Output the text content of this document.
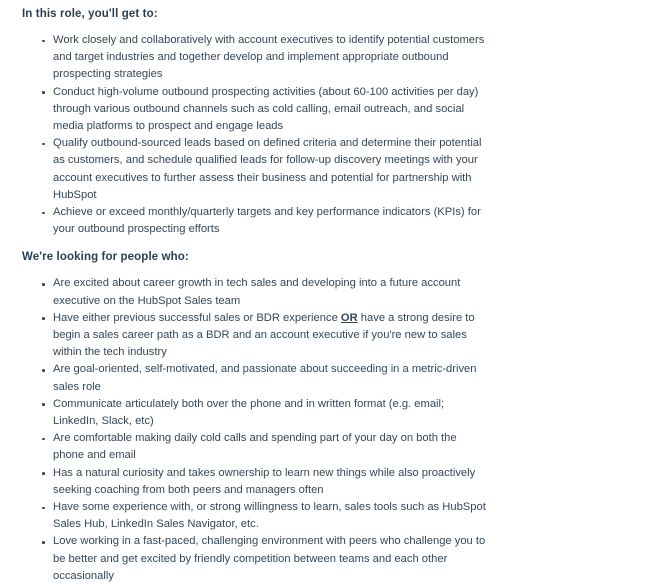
In this role, you'll get to:
Work closely and collaboratively with account executives to identify potential customers and target industries and together develop and implement appropriate outbound prospecting strategies
Conduct high-volume outbound prospecting activities (about 60-100 activities per day) through various outbound channels such as cold calling, email outreach, and social media platforms to prospect and engage leads
Qualify outbound-sourced leads based on defined criteria and determine their potential as customers, and schedule qualified leads for follow-up discovery meetings with your account executives to further assess their business and potential for partnership with HubSpot
Achieve or exceed monthly/quarterly targets and key performance indicators (KPIs) for your outbound prospecting efforts
We're looking for people who:
Are excited about career growth in tech sales and developing into a future account executive on the HubSpot Sales team
Have either previous successful sales or BDR experience OR have a strong desire to begin a sales career path as a BDR and an account executive if you're new to sales within the tech industry
Are goal-oriented, self-motivated, and passionate about succeeding in a metric-driven sales role
Communicate articulately both over the phone and in written format (e.g. email; LinkedIn, Slack, etc)
Are comfortable making daily cold calls and spending part of your day on both the phone and email
Has a natural curiosity and takes ownership to learn new things while also proactively seeking coaching from both peers and managers often
Have some experience with, or strong willingness to learn, sales tools such as HubSpot Sales Hub, LinkedIn Sales Navigator, etc.
Love working in a fast-paced, challenging environment with peers who challenge you to be better and get excited by friendly competition between teams and each other occasionally
